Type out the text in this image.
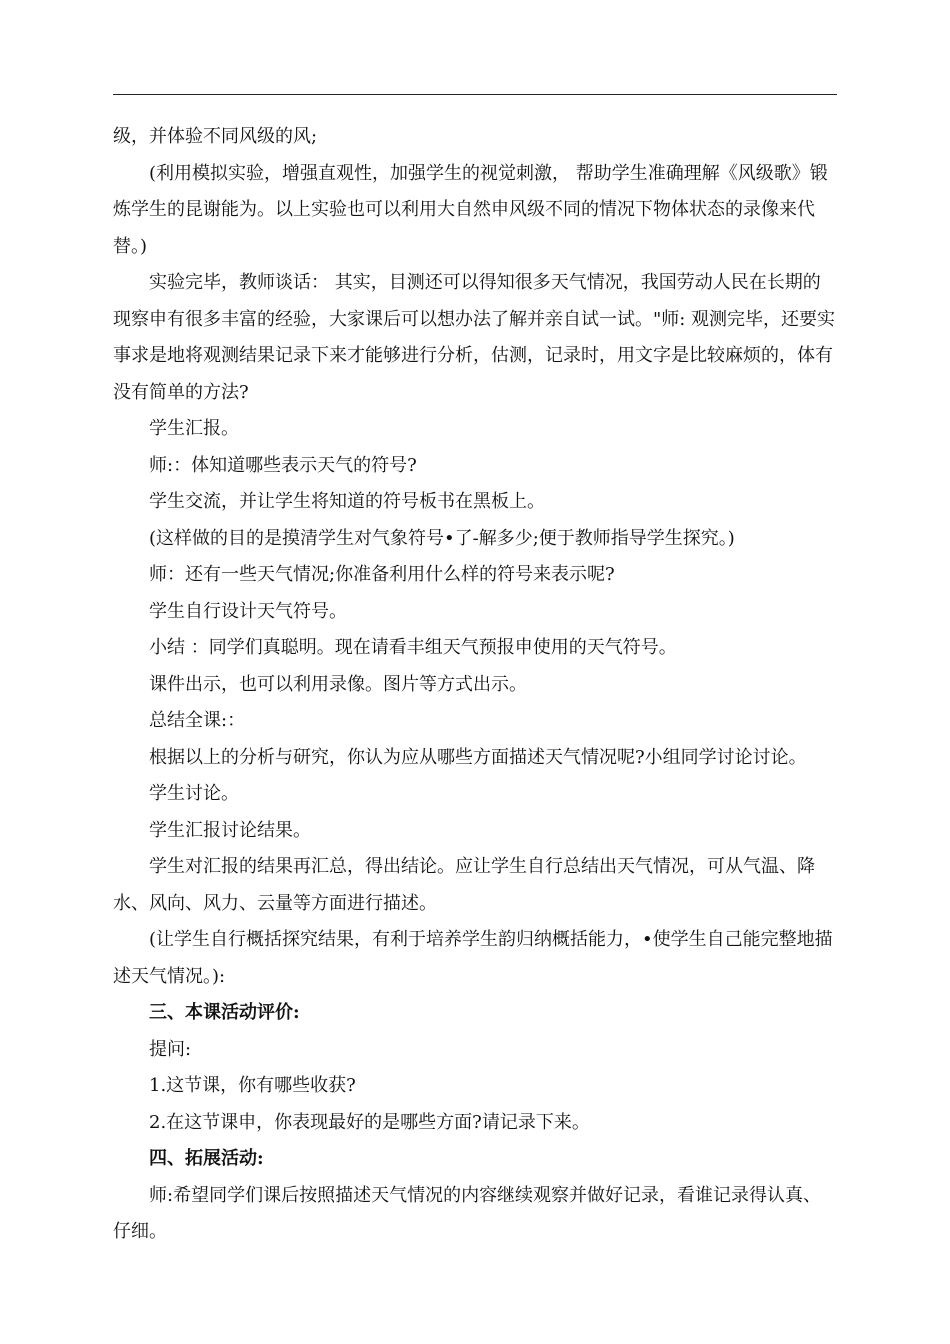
级，并体验不同风级的风;

(利用模拟实验，增强直观性，加强学生的视觉刺激， 帮助学生准确理解《风级歌》锻炼学生的昆谢能为。以上实验也可以利用大自然申风级不同的情况下物体状态的录像来代替。)

实验完毕，教师谈话： 其实，目测还可以得知很多天气情况，我国劳动人民在长期的现察申有很多丰富的经验，大家课后可以想办法了解并亲自试一试。"师: 观测完毕，还要实事求是地将观测结果记录下来才能够进行分析，估测，记录时，用文字是比较麻烦的，体有没有简单的方法?

学生汇报。

师:：体知道哪些表示天气的符号?

学生交流，并让学生将知道的符号板书在黑板上。

(这样做的目的是摸清学生对气象符号•了-解多少;便于教师指导学生探究。)

师：还有一些天气情况;你准备利用什么样的符号来表示呢?

学生自行设计天气符号。

小结 ：同学们真聪明。现在请看丰组天气预报申使用的天气符号。

课件出示，也可以利用录像。图片等方式出示。

总结全课:：

根据以上的分析与研究，你认为应从哪些方面描述天气情况呢?小组同学讨论讨论。

学生讨论。

学生汇报讨论结果。

学生对汇报的结果再汇总，得出结论。应让学生自行总结出天气情况，可从气温、降水、风向、风力、云量等方面进行描述。

(让学生自行概括探究结果，有利于培养学生韵归纳概括能力，•使学生自己能完整地描述天气情况。):

三、本课活动评价:

提问:

1.这节课，你有哪些收获?

2.在这节课申，你表现最好的是哪些方面?请记录下来。

四、拓展活动:

师:希望同学们课后按照描述天气情况的内容继续观察并做好记录，看谁记录得认真、仔细。
